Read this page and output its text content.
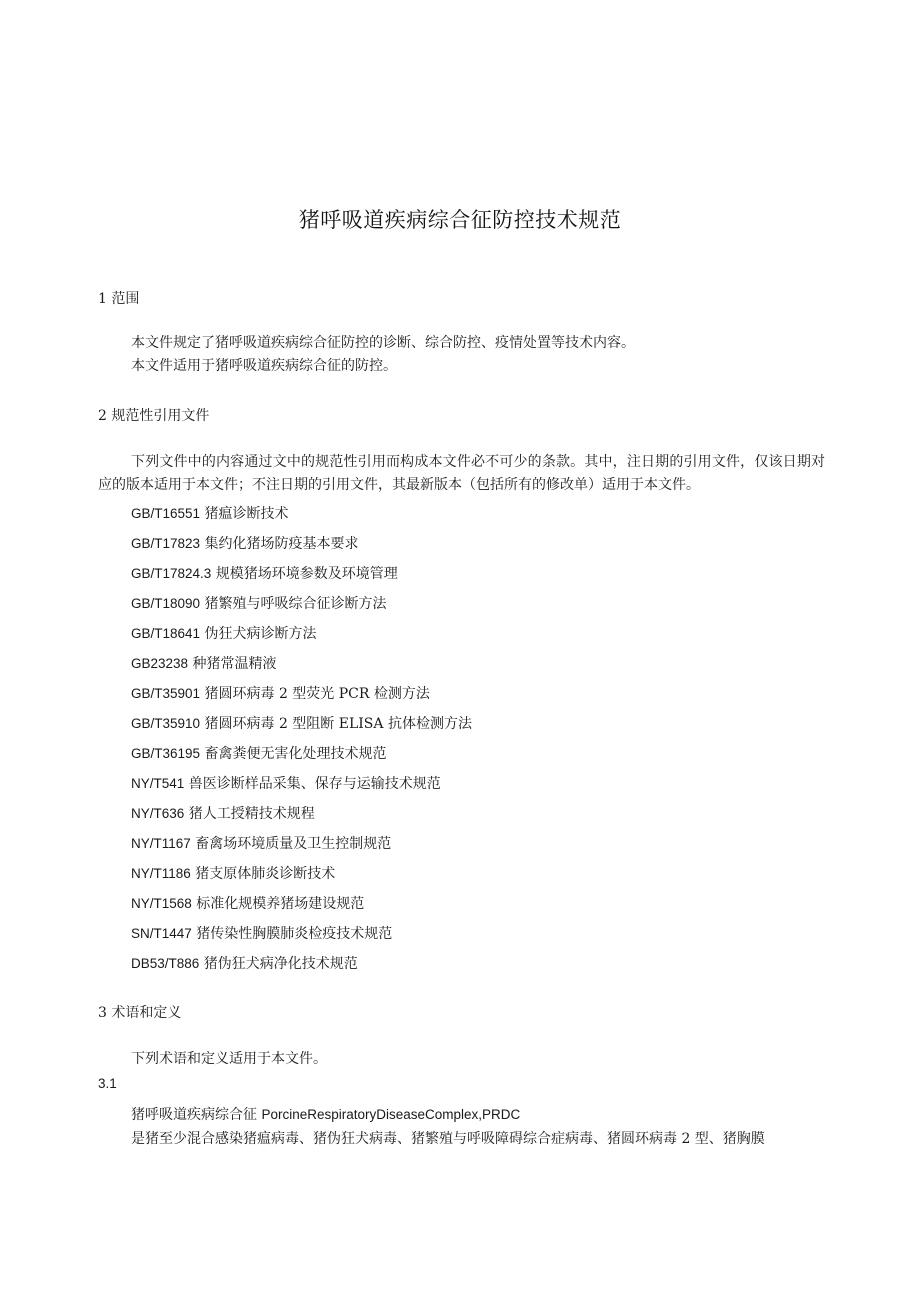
猪呼吸道疾病综合征防控技术规范
1 范围
本文件规定了猪呼吸道疾病综合征防控的诊断、综合防控、疫情处置等技术内容。
本文件适用于猪呼吸道疾病综合征的防控。
2 规范性引用文件
下列文件中的内容通过文中的规范性引用而构成本文件必不可少的条款。其中，注日期的引用文件，仅该日期对应的版本适用于本文件；不注日期的引用文件，其最新版本（包括所有的修改单）适用于本文件。
GB/T16551 猪瘟诊断技术
GB/T17823 集约化猪场防疫基本要求
GB/T17824.3 规模猪场环境参数及环境管理
GB/T18090 猪繁殖与呼吸综合征诊断方法
GB/T18641 伪狂犬病诊断方法
GB23238 种猪常温精液
GB/T35901 猪圆环病毒 2 型荧光 PCR 检测方法
GB/T35910 猪圆环病毒 2 型阻断 ELISA 抗体检测方法
GB/T36195 畜禽粪便无害化处理技术规范
NY/T541 兽医诊断样品采集、保存与运输技术规范
NY/T636 猪人工授精技术规程
NY/T1167 畜禽场环境质量及卫生控制规范
NY/T1186 猪支原体肺炎诊断技术
NY/T1568 标准化规模养猪场建设规范
SN/T1447 猪传染性胸膜肺炎检疫技术规范
DB53/T886 猪伪狂犬病净化技术规范
3 术语和定义
下列术语和定义适用于本文件。
3.1
猪呼吸道疾病综合征 PorcineRespiratoryDiseaseComplex,PRDC
是猪至少混合感染猪瘟病毒、猪伪狂犬病毒、猪繁殖与呼吸障碍综合症病毒、猪圆环病毒 2 型、猪胸膜
